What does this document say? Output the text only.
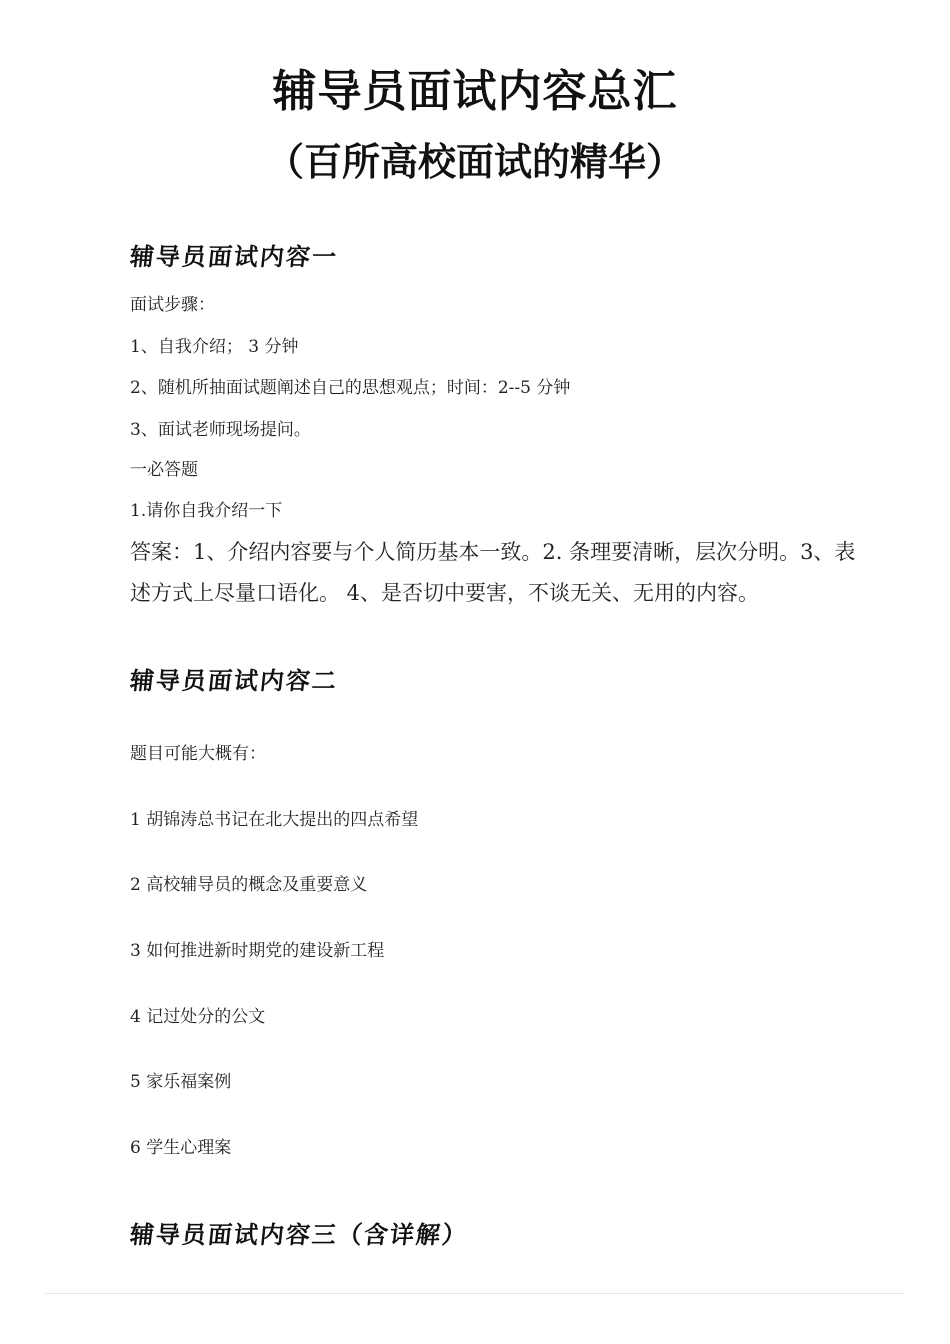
辅导员面试内容总汇
（百所高校面试的精华）
辅导员面试内容一
面试步骤：
1、自我介绍； 3 分钟
2、随机所抽面试题阐述自己的思想观点；时间：2--5 分钟
3、面试老师现场提问。
一必答题
1.请你自我介绍一下
答案：1、介绍内容要与个人简历基本一致。2. 条理要清晰，层次分明。3、表述方式上尽量口语化。 4、是否切中要害，不谈无关、无用的内容。
辅导员面试内容二
题目可能大概有：
1 胡锦涛总书记在北大提出的四点希望
2 高校辅导员的概念及重要意义
3 如何推进新时期党的建设新工程
4 记过处分的公文
5 家乐福案例
6 学生心理案
辅导员面试内容三（含详解）
